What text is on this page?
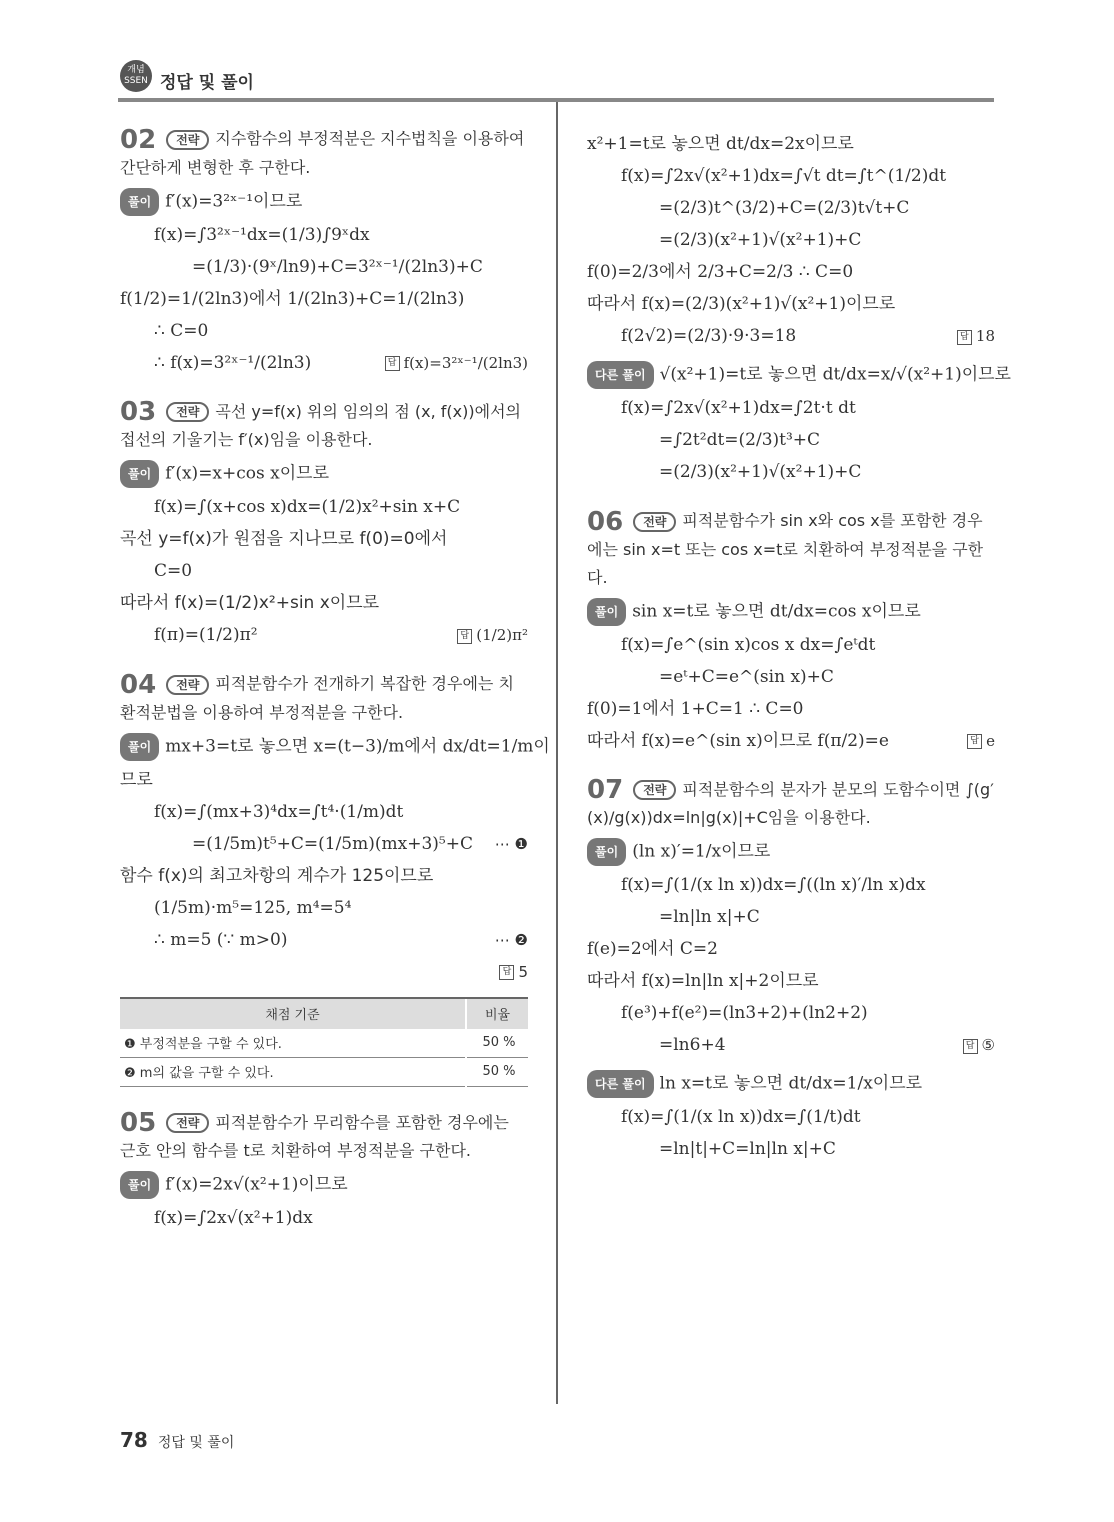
개념
SSEN 정답 및 풀이
02 전략 지수함수의 부정적분은 지수법칙을 이용하여 간단하게 변형한 후 구한다.
풀이 f′(x)=3²ˣ⁻¹이므로
f(x)=∫3²ˣ⁻¹dx=(1/3)∫9ˣdx
=(1/3)·(9ˣ/ln9)+C=3²ˣ⁻¹/(2ln3)+C
f(1/2)=1/(2ln3)에서 1/(2ln3)+C=1/(2ln3)
∴ C=0
∴ f(x)=3²ˣ⁻¹/(2ln3)	답 f(x)=3²ˣ⁻¹/(2ln3)
03 전략 곡선 y=f(x) 위의 임의의 점 (x, f(x))에서의 접선의 기울기는 f′(x)임을 이용한다.
풀이 f′(x)=x+cos x이므로
f(x)=∫(x+cos x)dx=(1/2)x²+sin x+C
곡선 y=f(x)가 원점을 지나므로 f(0)=0에서
C=0
따라서 f(x)=(1/2)x²+sin x이므로
f(π)=(1/2)π²	답 (1/2)π²
04 전략 피적분함수가 전개하기 복잡한 경우에는 치환적분법을 이용하여 부정적분을 구한다.
풀이 mx+3=t로 놓으면 x=(t−3)/m에서 dx/dt=1/m이
므로
f(x)=∫(mx+3)⁴dx=∫t⁴·(1/m)dt
=(1/5m)t⁵+C=(1/5m)(mx+3)⁵+C ⋯ ❶
함수 f(x)의 최고차항의 계수가 125이므로
(1/5m)·m⁵=125, m⁴=5⁴
∴ m=5 (∵ m>0)	⋯ ❷
답 5
채점 기준	비율
❶ 부정적분을 구할 수 있다.	50 %
❷ m의 값을 구할 수 있다.	50 %
05 전략 피적분함수가 무리함수를 포함한 경우에는 근호 안의 함수를 t로 치환하여 부정적분을 구한다.
풀이 f′(x)=2x√(x²+1)이므로
f(x)=∫2x√(x²+1)dx
x²+1=t로 놓으면 dt/dx=2x이므로
f(x)=∫2x√(x²+1)dx=∫√t dt=∫t^(1/2)dt
=(2/3)t^(3/2)+C=(2/3)t√t+C
=(2/3)(x²+1)√(x²+1)+C
f(0)=2/3에서 2/3+C=2/3 ∴ C=0
따라서 f(x)=(2/3)(x²+1)√(x²+1)이므로
f(2√2)=(2/3)·9·3=18	답 18
다른 풀이 √(x²+1)=t로 놓으면 dt/dx=x/√(x²+1)이므로
f(x)=∫2x√(x²+1)dx=∫2t·t dt
=∫2t²dt=(2/3)t³+C
=(2/3)(x²+1)√(x²+1)+C
06 전략 피적분함수가 sin x와 cos x를 포함한 경우에는 sin x=t 또는 cos x=t로 치환하여 부정적분을 구한다.
풀이 sin x=t로 놓으면 dt/dx=cos x이므로
f(x)=∫e^(sin x)cos x dx=∫eᵗdt
=eᵗ+C=e^(sin x)+C
f(0)=1에서 1+C=1 ∴ C=0
따라서 f(x)=e^(sin x)이므로 f(π/2)=e	답 e
07 전략 피적분함수의 분자가 분모의 도함수이면 ∫(g′(x)/g(x))dx=ln|g(x)|+C임을 이용한다.
풀이 (ln x)′=1/x이므로
f(x)=∫(1/(x ln x))dx=∫((ln x)′/ln x)dx
=ln|ln x|+C
f(e)=2에서 C=2
따라서 f(x)=ln|ln x|+2이므로
f(e³)+f(e²)=(ln3+2)+(ln2+2)
=ln6+4	답 ⑤
다른 풀이 ln x=t로 놓으면 dt/dx=1/x이므로
f(x)=∫(1/(x ln x))dx=∫(1/t)dt
=ln|t|+C=ln|ln x|+C
78 정답 및 풀이
